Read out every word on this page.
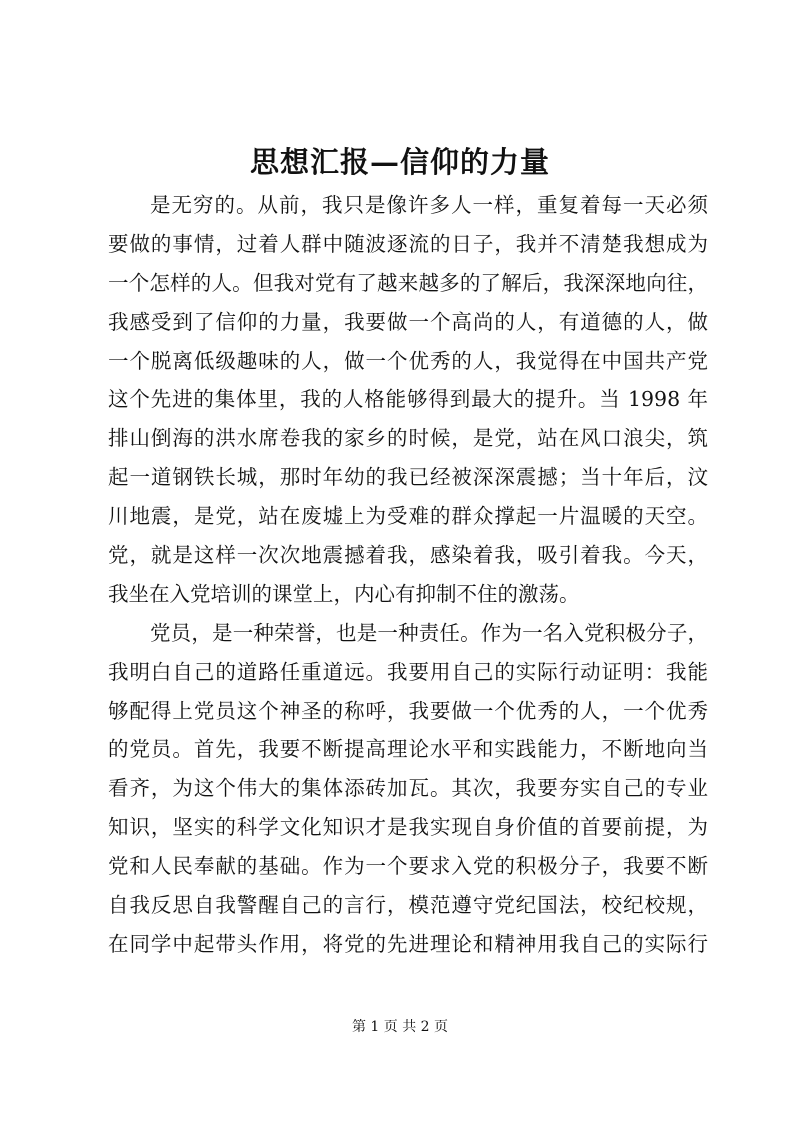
思想汇报—信仰的力量
是无穷的。从前，我只是像许多人一样，重复着每一天必须
要做的事情，过着人群中随波逐流的日子，我并不清楚我想成为
一个怎样的人。但我对党有了越来越多的了解后，我深深地向往，
我感受到了信仰的力量，我要做一个高尚的人，有道德的人，做
一个脱离低级趣味的人，做一个优秀的人，我觉得在中国共产党
这个先进的集体里，我的人格能够得到最大的提升。当 1998 年
排山倒海的洪水席卷我的家乡的时候，是党，站在风口浪尖，筑
起一道钢铁长城，那时年幼的我已经被深深震撼；当十年后，汶
川地震，是党，站在废墟上为受难的群众撑起一片温暖的天空。
党，就是这样一次次地震撼着我，感染着我，吸引着我。今天，
我坐在入党培训的课堂上，内心有抑制不住的激荡。
党员，是一种荣誉，也是一种责任。作为一名入党积极分子，
我明白自己的道路任重道远。我要用自己的实际行动证明：我能
够配得上党员这个神圣的称呼，我要做一个优秀的人，一个优秀
的党员。首先，我要不断提高理论水平和实践能力，不断地向当
看齐，为这个伟大的集体添砖加瓦。其次，我要夯实自己的专业
知识，坚实的科学文化知识才是我实现自身价值的首要前提，为
党和人民奉献的基础。作为一个要求入党的积极分子，我要不断
自我反思自我警醒自己的言行，模范遵守党纪国法，校纪校规，
在同学中起带头作用，将党的先进理论和精神用我自己的实际行
第 1 页 共 2 页
